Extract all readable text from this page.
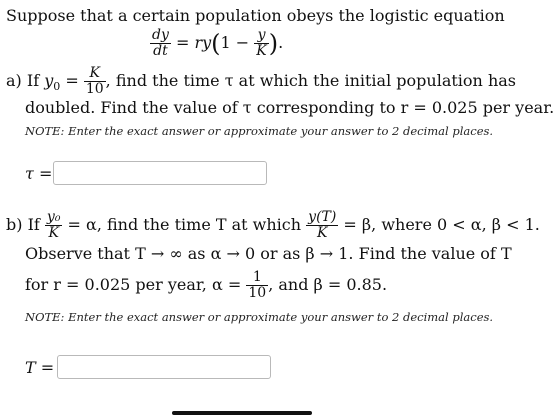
Suppose that a certain population obeys the logistic equation
$\frac{dy}{dt} = ry(1 - \frac{y}{K}$ ).
a) If $y_0 = \frac{K}{10}$ , find the time τ at which the initial population has
doubled. Find the value of τ corresponding to r = 0.025 per year.
NOTE: Enter the exact answer or approximate your answer to 2 decimal places.
τ =
b) If $\frac{\text{y₀}}{K} = \alpha$, find the time T at which $\frac{y(T)}{K} = \beta$, where 0 < α, β < 1.
Observe that T → ∞ as α → 0 or as β → 1. Find the value of T
for r = 0.025 per year, $\alpha = \frac{1}{10}$ , and β = 0.85.
NOTE: Enter the exact answer or approximate your answer to 2 decimal places.
T =
